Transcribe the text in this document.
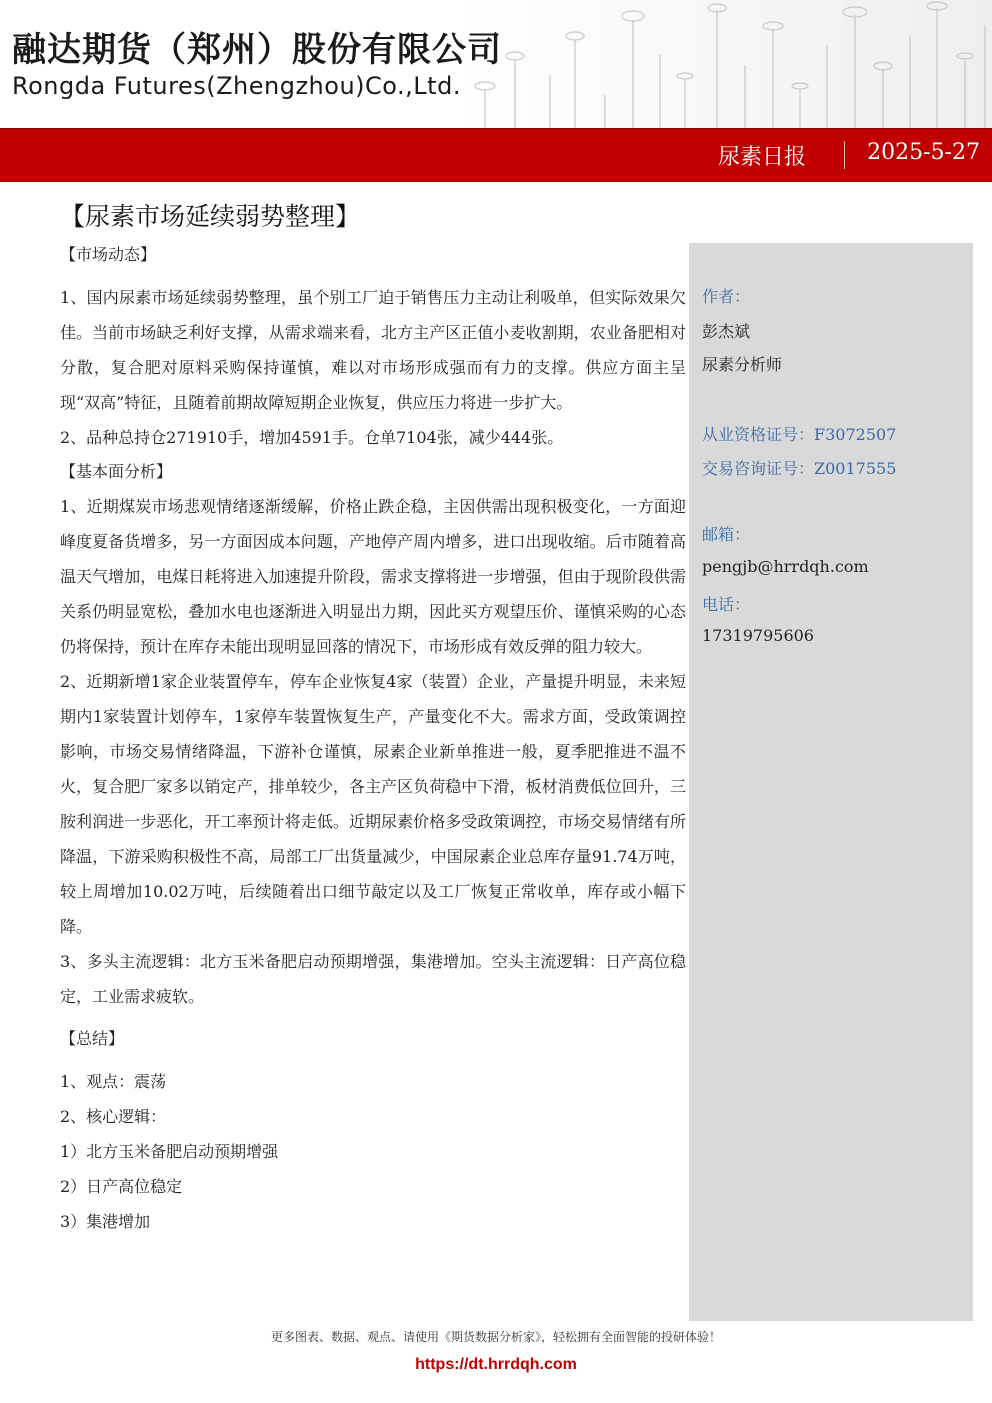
融达期货（郑州）股份有限公司
Rongda Futures(Zhengzhou)Co.,Ltd.
尿素日报	2025-5-27
【尿素市场延续弱势整理】
作者：
彭杰斌
尿素分析师
从业资格证号：F3072507
交易咨询证号：Z0017555
邮箱：
pengjb@hrrdqh.com
电话：
17319795606
【市场动态】

1、国内尿素市场延续弱势整理，虽个别工厂迫于销售压力主动让利吸单，但实际效果欠佳。当前市场缺乏利好支撑，从需求端来看，北方主产区正值小麦收割期，农业备肥相对分散，复合肥对原料采购保持谨慎，难以对市场形成强而有力的支撑。供应方面主呈现“双高”特征，且随着前期故障短期企业恢复，供应压力将进一步扩大。

2、品种总持仓271910手，增加4591手。仓单7104张，减少444张。

【基本面分析】

1、近期煤炭市场悲观情绪逐渐缓解，价格止跌企稳，主因供需出现积极变化，一方面迎峰度夏备货增多，另一方面因成本问题，产地停产周内增多，进口出现收缩。后市随着高温天气增加，电煤日耗将进入加速提升阶段，需求支撑将进一步增强，但由于现阶段供需关系仍明显宽松，叠加水电也逐渐进入明显出力期，因此买方观望压价、谨慎采购的心态仍将保持，预计在库存未能出现明显回落的情况下，市场形成有效反弹的阻力较大。

2、近期新增1家企业装置停车，停车企业恢复4家（装置）企业，产量提升明显，未来短期内1家装置计划停车，1家停车装置恢复生产，产量变化不大。需求方面，受政策调控影响，市场交易情绪降温，下游补仓谨慎，尿素企业新单推进一般，夏季肥推进不温不火，复合肥厂家多以销定产，排单较少，各主产区负荷稳中下滑，板材消费低位回升，三胺利润进一步恶化，开工率预计将走低。近期尿素价格多受政策调控，市场交易情绪有所降温，下游采购积极性不高，局部工厂出货量减少，中国尿素企业总库存量91.74万吨，较上周增加10.02万吨，后续随着出口细节敲定以及工厂恢复正常收单，库存或小幅下降。

3、多头主流逻辑：北方玉米备肥启动预期增强，集港增加。空头主流逻辑：日产高位稳定，工业需求疲软。

【总结】

1、观点：震荡

2、核心逻辑：

1）北方玉米备肥启动预期增强

2）日产高位稳定

3）集港增加

更多图表、数据、观点、请使用《期货数据分析家》，轻松拥有全面智能的投研体验！
https://dt.hrrdqh.com
